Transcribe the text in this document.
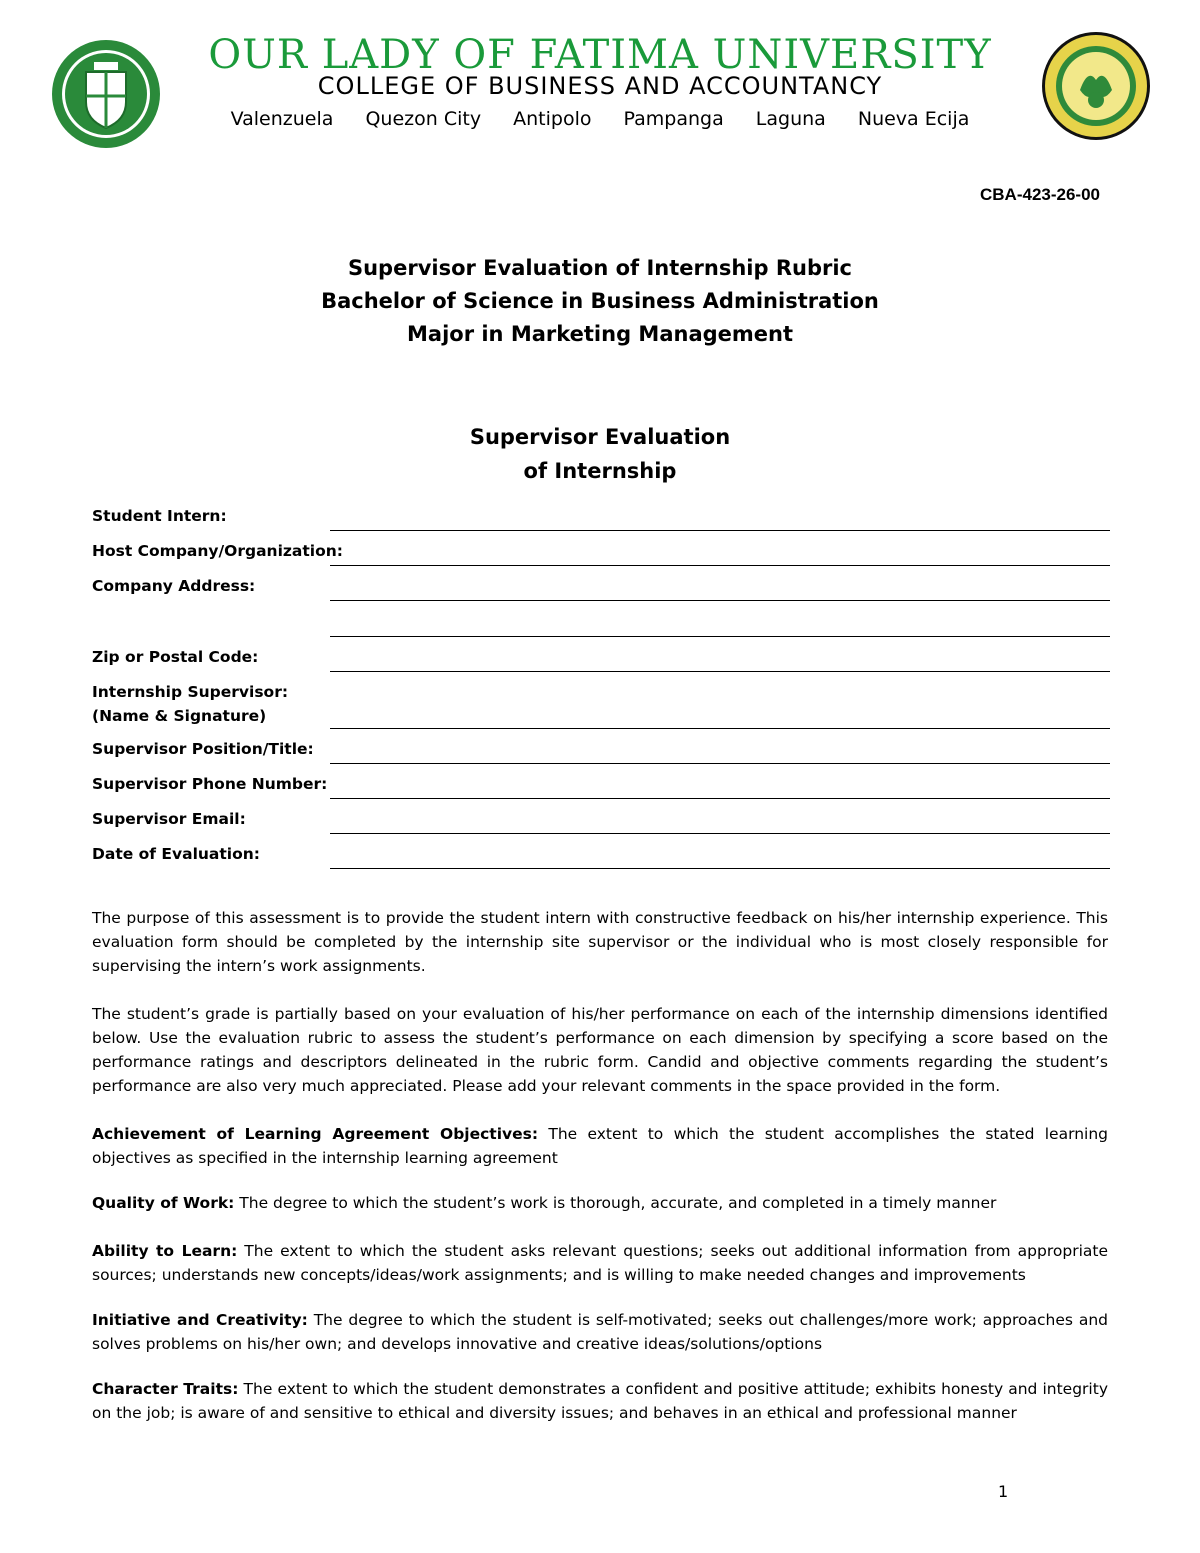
OUR LADY OF FATIMA UNIVERSITY
COLLEGE OF BUSINESS AND ACCOUNTANCY
Valenzuela Quezon City Antipolo Pampanga Laguna Nueva Ecija
CBA-423-26-00
Supervisor Evaluation of Internship Rubric
Bachelor of Science in Business Administration
Major in Marketing Management
Supervisor Evaluation
of Internship
Student Intern:
Host Company/Organization:
Company Address:
Zip or Postal Code:
Internship Supervisor:
(Name & Signature)
Supervisor Position/Title:
Supervisor Phone Number:
Supervisor Email:
Date of Evaluation:
The purpose of this assessment is to provide the student intern with constructive feedback on his/her internship experience. This evaluation form should be completed by the internship site supervisor or the individual who is most closely responsible for supervising the intern’s work assignments.
The student’s grade is partially based on your evaluation of his/her performance on each of the internship dimensions identified below. Use the evaluation rubric to assess the student’s performance on each dimension by specifying a score based on the performance ratings and descriptors delineated in the rubric form. Candid and objective comments regarding the student’s performance are also very much appreciated. Please add your relevant comments in the space provided in the form.
Achievement of Learning Agreement Objectives: The extent to which the student accomplishes the stated learning objectives as specified in the internship learning agreement
Quality of Work: The degree to which the student’s work is thorough, accurate, and completed in a timely manner
Ability to Learn: The extent to which the student asks relevant questions; seeks out additional information from appropriate sources; understands new concepts/ideas/work assignments; and is willing to make needed changes and improvements
Initiative and Creativity: The degree to which the student is self-motivated; seeks out challenges/more work; approaches and solves problems on his/her own; and develops innovative and creative ideas/solutions/options
Character Traits: The extent to which the student demonstrates a confident and positive attitude; exhibits honesty and integrity on the job; is aware of and sensitive to ethical and diversity issues; and behaves in an ethical and professional manner
1
